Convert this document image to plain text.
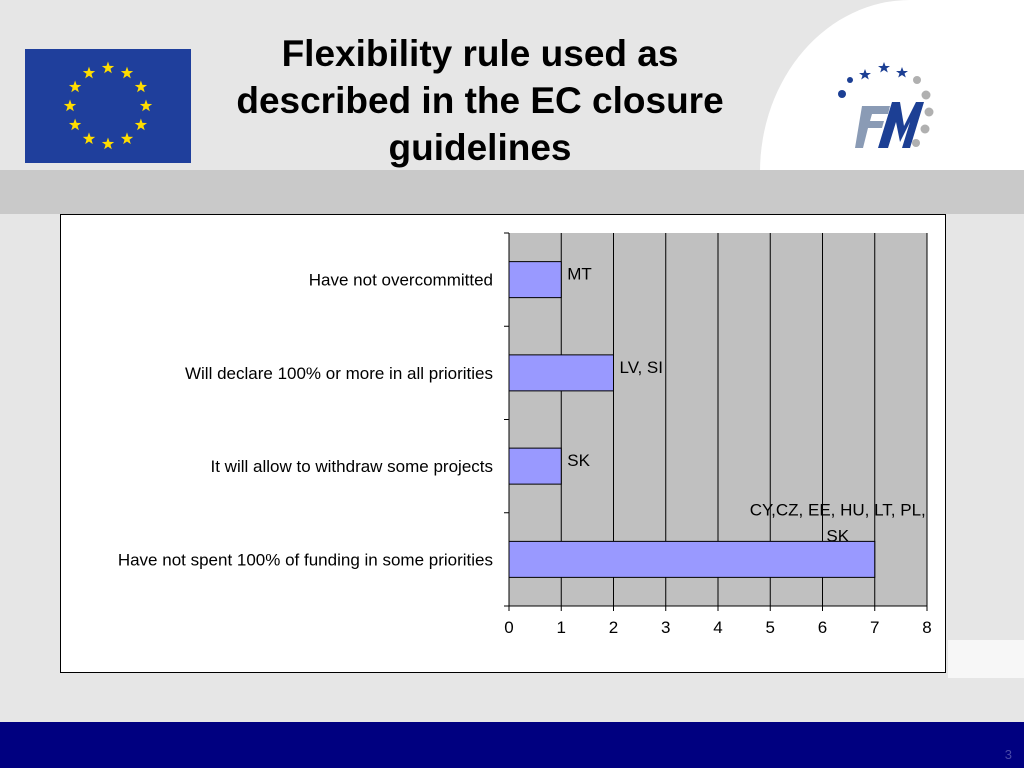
Flexibility rule used as described in the EC closure guidelines
0	1	2	3	4	5	6	7	8
Have not overcommitted	MT
Will declare 100% or more in all priorities	LV, SI
It will allow to withdraw some projects	SK
Have not spent 100% of funding in some priorities
CY,CZ, EE, HU, LT, PL,
SK
3
